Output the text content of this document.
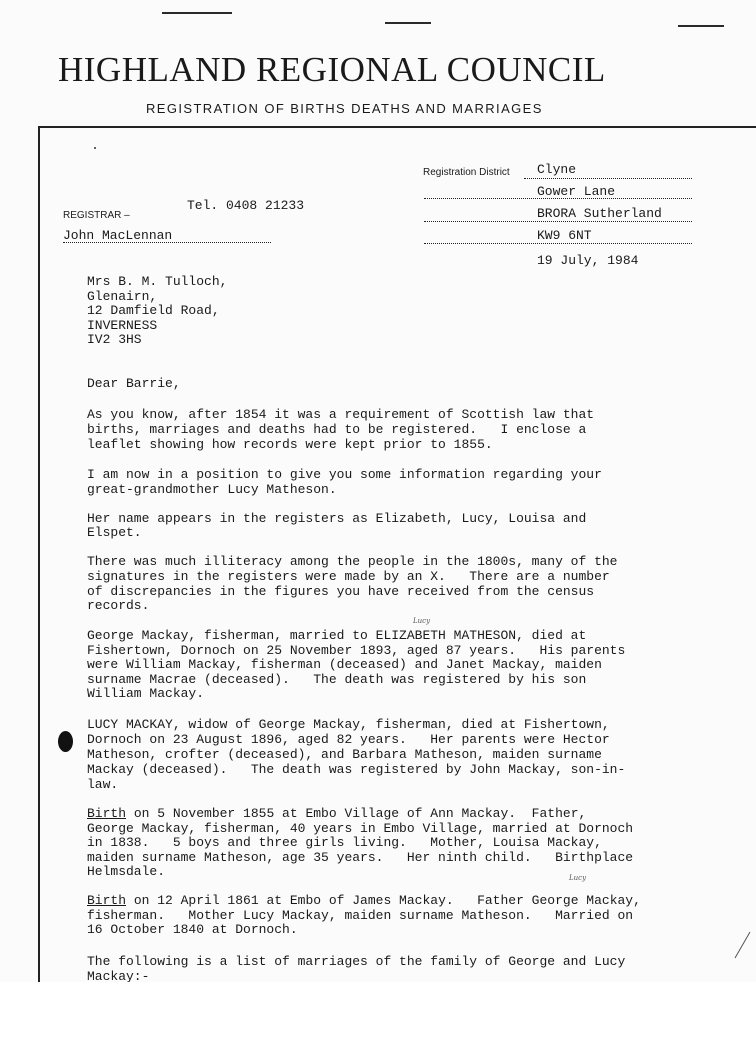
HIGHLAND REGIONAL COUNCIL
REGISTRATION OF BIRTHS DEATHS AND MARRIAGES
Registration District Clyne
Gower Lane
BRORA Sutherland
KW9 6NT
Tel. 0408 21233
REGISTRAR –
John MacLennan
19 July, 1984
Mrs B. M. Tulloch,
Glenairn,
12 Damfield Road,
INVERNESS
IV2 3HS
Dear Barrie,
As you know, after 1854 it was a requirement of Scottish law that
births, marriages and deaths had to be registered.   I enclose a
leaflet showing how records were kept prior to 1855.
I am now in a position to give you some information regarding your
great-grandmother Lucy Matheson.
Her name appears in the registers as Elizabeth, Lucy, Louisa and
Elspet.
There was much illiteracy among the people in the 1800s, many of the
signatures in the registers were made by an X.   There are a number
of discrepancies in the figures you have received from the census
records.
Lucy
George Mackay, fisherman, married to ELIZABETH MATHESON, died at
Fishertown, Dornoch on 25 November 1893, aged 87 years.   His parents
were William Mackay, fisherman (deceased) and Janet Mackay, maiden
surname Macrae (deceased).   The death was registered by his son
William Mackay.
LUCY MACKAY, widow of George Mackay, fisherman, died at Fishertown,
Dornoch on 23 August 1896, aged 82 years.   Her parents were Hector
Matheson, crofter (deceased), and Barbara Matheson, maiden surname
Mackay (deceased).   The death was registered by John Mackay, son-in-
law.
Birth on 5 November 1855 at Embo Village of Ann Mackay.  Father,
George Mackay, fisherman, 40 years in Embo Village, married at Dornoch
in 1838.   5 boys and three girls living.   Mother, Louisa Mackay,
maiden surname Matheson, age 35 years.   Her ninth child.   Birthplace
Helmsdale.	Lucy
Birth on 12 April 1861 at Embo of James Mackay.   Father George Mackay,
fisherman.   Mother Lucy Mackay, maiden surname Matheson.   Married on
16 October 1840 at Dornoch.
The following is a list of marriages of the family of George and Lucy
Mackay:-
